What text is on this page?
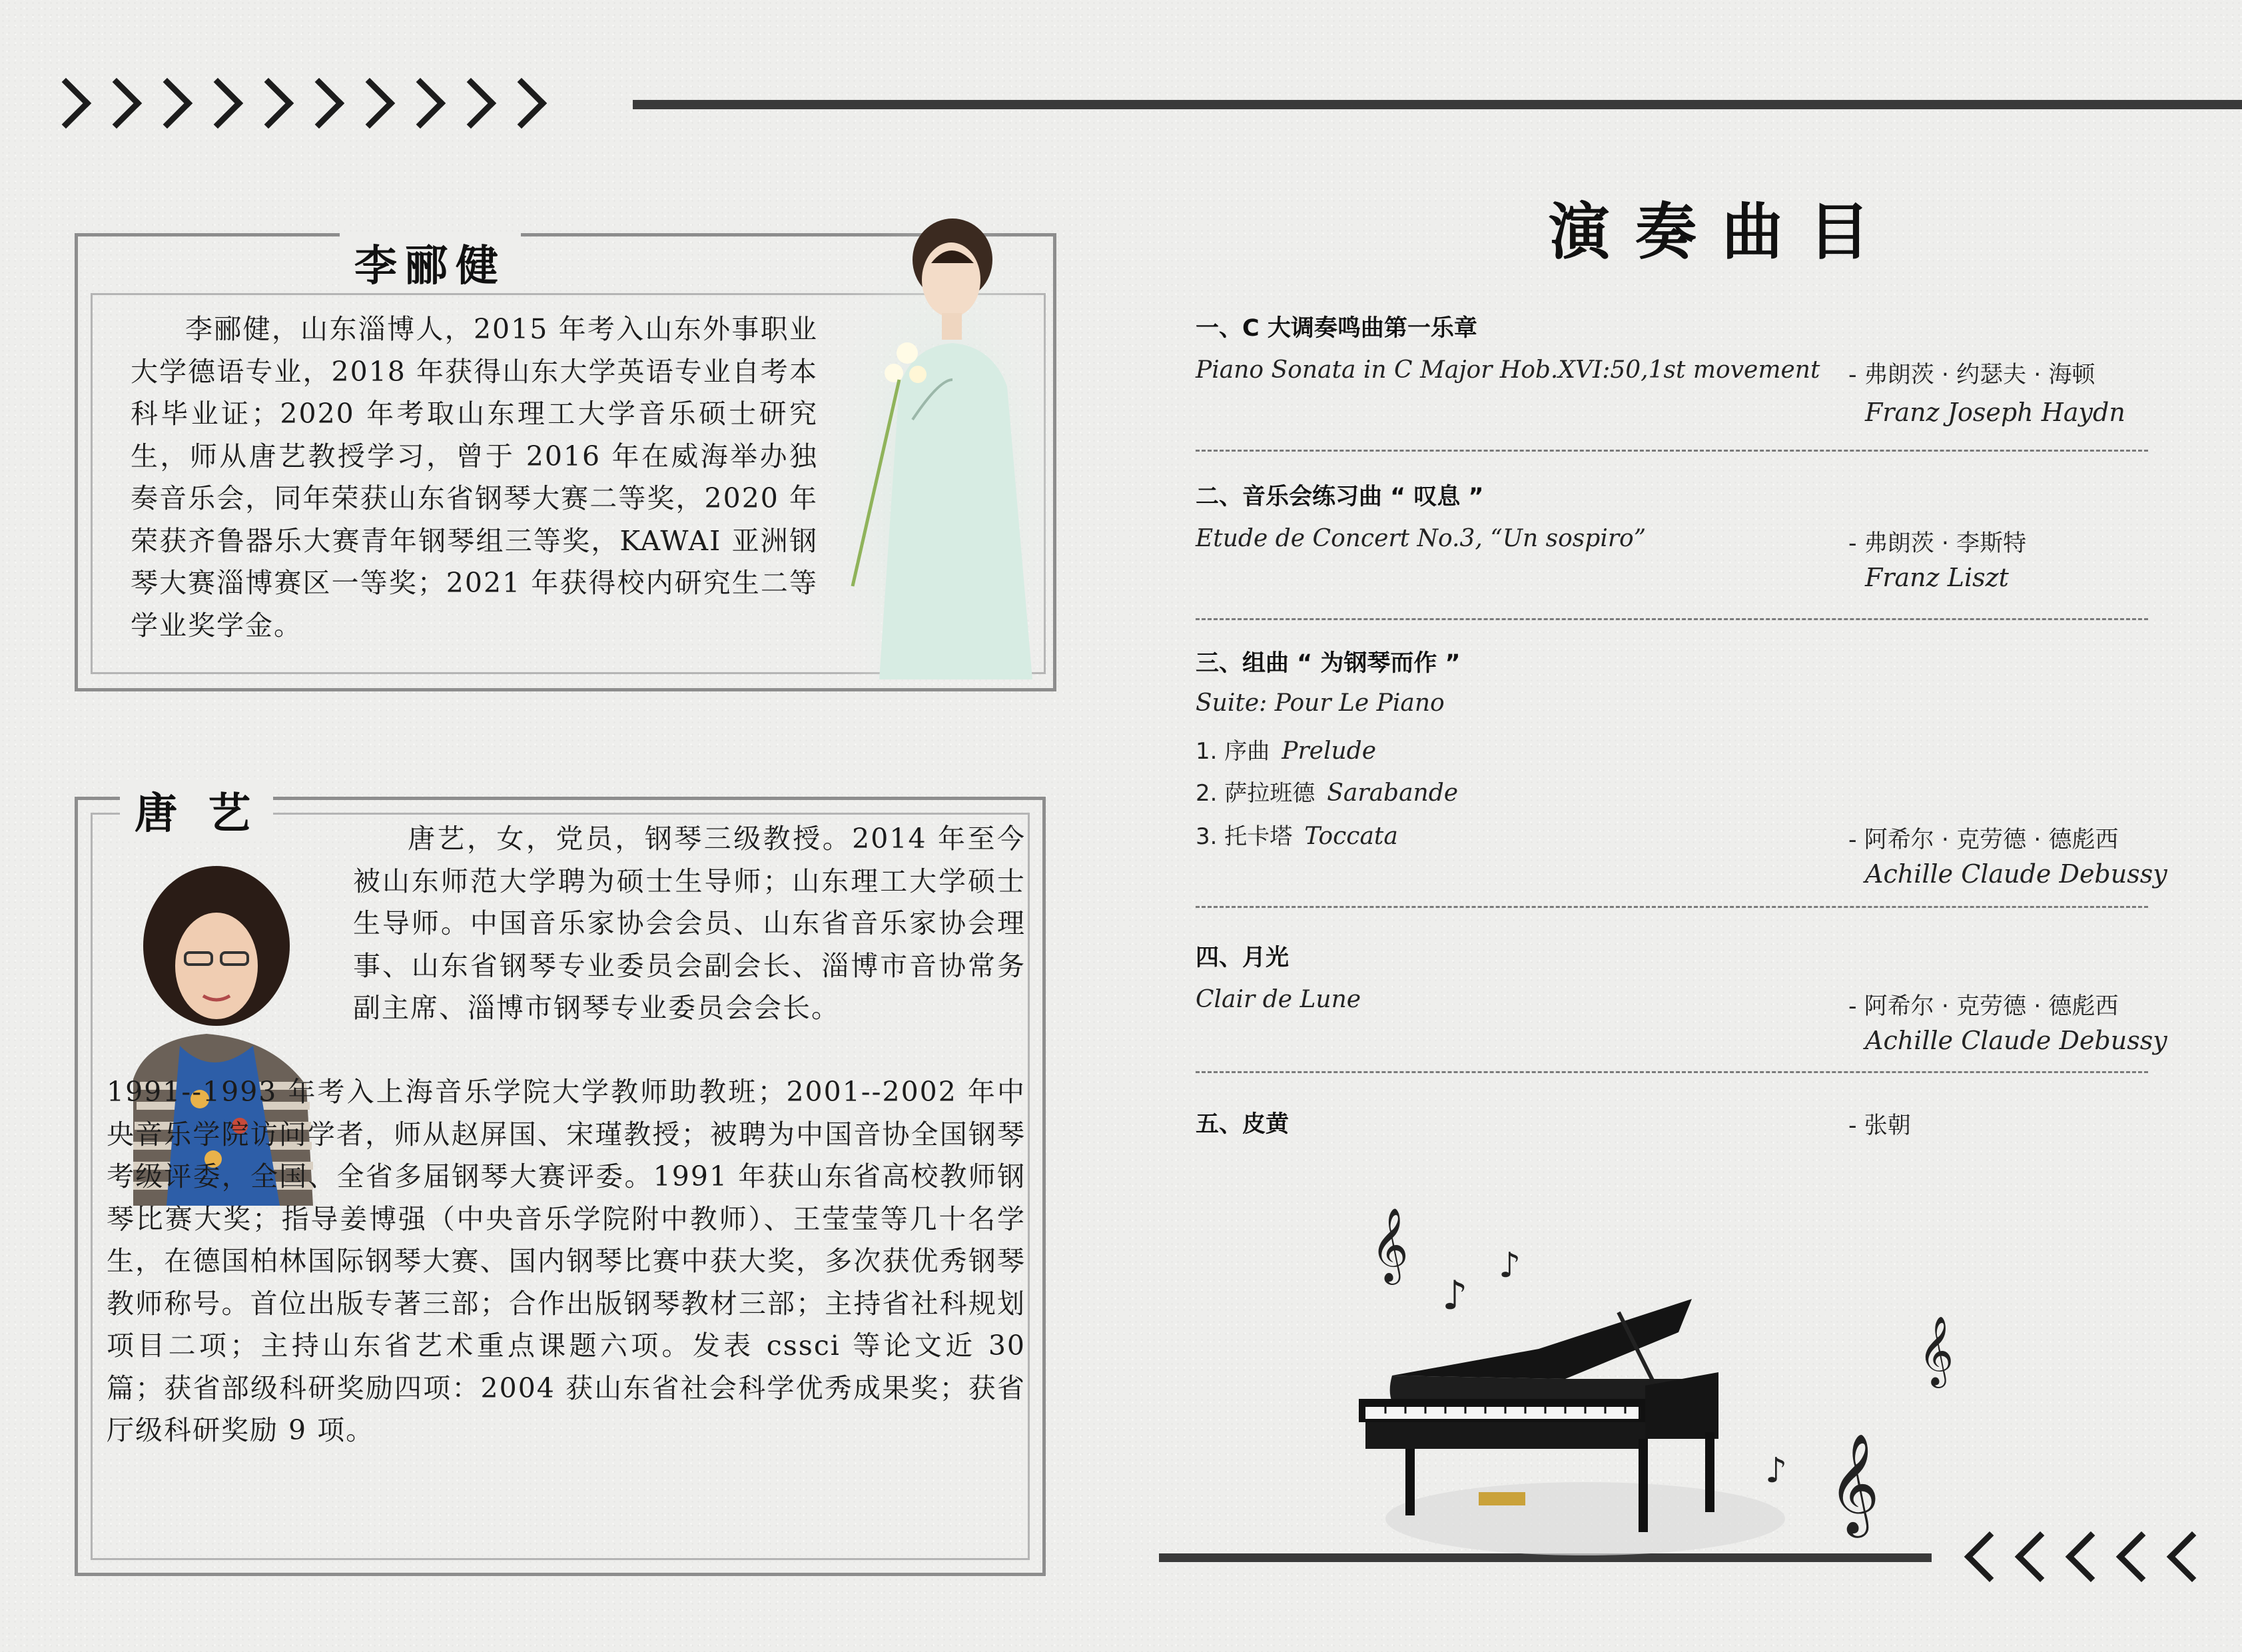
李郦健

李郦健，山东淄博人，2015 年考入山东外事职业大学德语专业，2018 年获得山东大学英语专业自考本科毕业证；2020 年考取山东理工大学音乐硕士研究生，师从唐艺教授学习，曾于 2016 年在威海举办独奏音乐会，同年荣获山东省钢琴大赛二等奖，2020 年荣获齐鲁器乐大赛青年钢琴组三等奖，KAWAI 亚洲钢琴大赛淄博赛区一等奖；2021 年获得校内研究生二等学业奖学金。

唐 艺	唐艺，女，党员，钢琴三级教授。2014 年至今被山东师范大学聘为硕士生导师；山东理工大学硕士生导师。中国音乐家协会会员、山东省音乐家协会理事、山东省钢琴专业委员会副会长、淄博市音协常务副主席、淄博市钢琴专业委员会会长。

1991--1993 年考入上海音乐学院大学教师助教班；2001--2002 年中央音乐学院访问学者，师从赵屏国、宋瑾教授；被聘为中国音协全国钢琴考级评委，全国、全省多届钢琴大赛评委。1991 年获山东省高校教师钢琴比赛大奖；指导姜博强（中央音乐学院附中教师）、王莹莹等几十名学生，在德国柏林国际钢琴大赛、国内钢琴比赛中获大奖，多次获优秀钢琴教师称号。首位出版专著三部；合作出版钢琴教材三部；主持省社科规划项目二项；主持山东省艺术重点课题六项。发表 cssci 等论文近 30 篇；获省部级科研奖励四项：2004 获山东省社会科学优秀成果奖；获省厅级科研奖励 9 项。

演奏曲目
一、C 大调奏鸣曲第一乐章
Piano Sonata in C Major Hob.XVI:50,1st movement - 弗朗茨 · 约瑟夫 · 海顿
Franz Joseph Haydn
二、音乐会练习曲 “ 叹息 ”
Etude de Concert No.3, “Un sospiro”	- 弗朗茨 · 李斯特
Franz Liszt
三、组曲 “ 为钢琴而作 ”
Suite: Pour Le Piano
1. 序曲 Prelude
2. 萨拉班德 Sarabande
3. 托卡塔 Toccata	- 阿希尔 · 克劳德 · 德彪西
Achille Claude Debussy
四、月光
Clair de Lune	- 阿希尔 · 克劳德 · 德彪西
Achille Claude Debussy
五、皮黄	- 张朝
𝄞
♪
♪
𝄞
𝄞
♪
